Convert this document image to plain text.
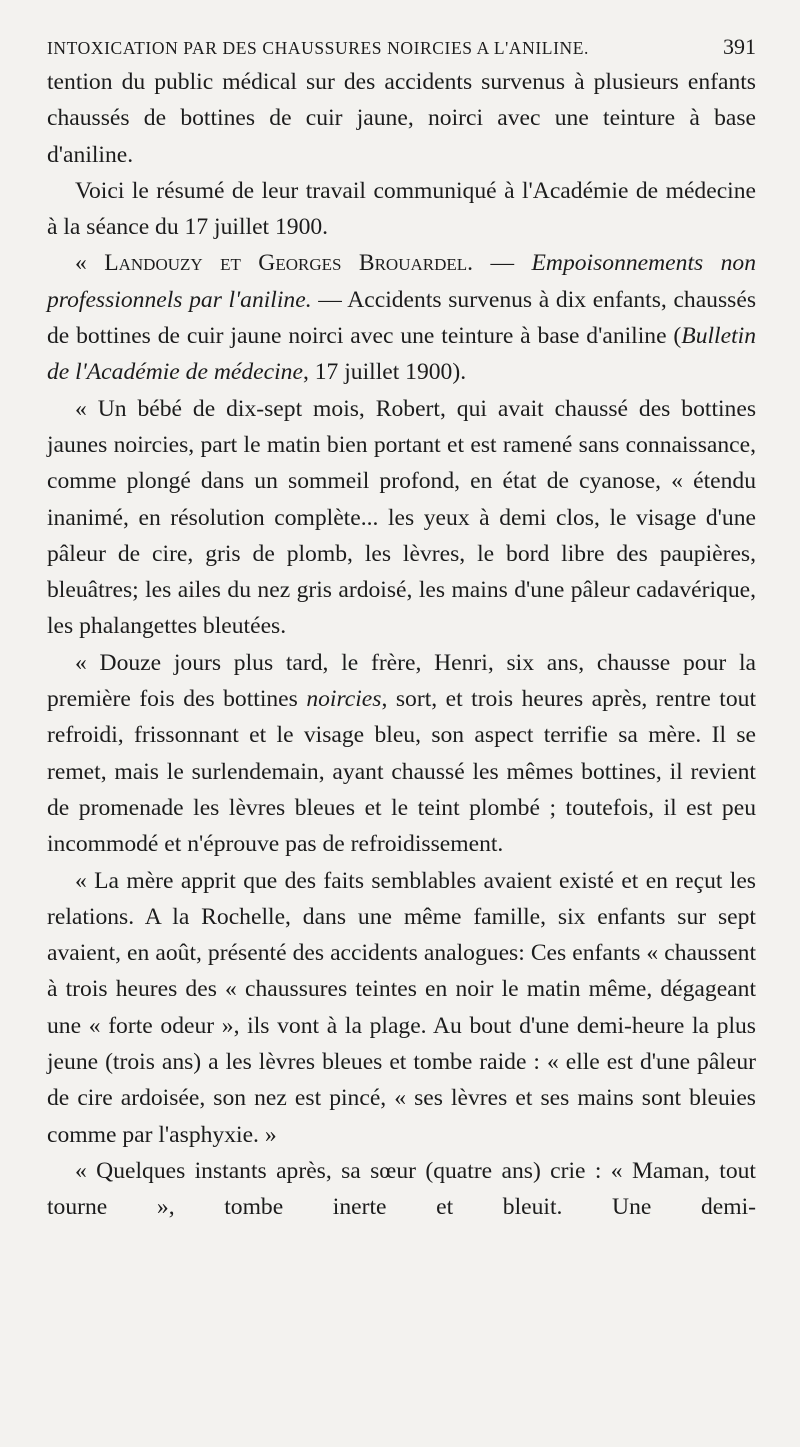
INTOXICATION PAR DES CHAUSSURES NOIRCIES A L'ANILINE.	391

tention du public médical sur des accidents survenus à plusieurs enfants chaussés de bottines de cuir jaune, noirci avec une teinture à base d'aniline.

Voici le résumé de leur travail communiqué à l'Académie de médecine à la séance du 17 juillet 1900.

« Landouzy et Georges Brouardel. — Empoisonnements non professionnels par l'aniline. — Accidents survenus à dix enfants, chaussés de bottines de cuir jaune noirci avec une teinture à base d'aniline (Bulletin de l'Académie de médecine, 17 juillet 1900).

« Un bébé de dix-sept mois, Robert, qui avait chaussé des bottines jaunes noircies, part le matin bien portant et est ramené sans connaissance, comme plongé dans un sommeil profond, en état de cyanose, « étendu inanimé, en résolution complète... les yeux à demi clos, le visage d'une pâleur de cire, gris de plomb, les lèvres, le bord libre des paupières, bleuâtres; les ailes du nez gris ardoisé, les mains d'une pâleur cadavérique, les phalangettes bleutées.

« Douze jours plus tard, le frère, Henri, six ans, chausse pour la première fois des bottines noircies, sort, et trois heures après, rentre tout refroidi, frissonnant et le visage bleu, son aspect terrifie sa mère. Il se remet, mais le surlendemain, ayant chaussé les mêmes bottines, il revient de promenade les lèvres bleues et le teint plombé ; toutefois, il est peu incommodé et n'éprouve pas de refroidissement.

« La mère apprit que des faits semblables avaient existé et en reçut les relations. A la Rochelle, dans une même famille, six enfants sur sept avaient, en août, présenté des accidents analogues: Ces enfants « chaussent à trois heures des « chaussures teintes en noir le matin même, dégageant une « forte odeur », ils vont à la plage. Au bout d'une demi-heure la plus jeune (trois ans) a les lèvres bleues et tombe raide : « elle est d'une pâleur de cire ardoisée, son nez est pincé, « ses lèvres et ses mains sont bleuies comme par l'asphyxie. »

« Quelques instants après, sa sœur (quatre ans) crie : « Maman, tout tourne », tombe inerte et bleuit. Une demi-
